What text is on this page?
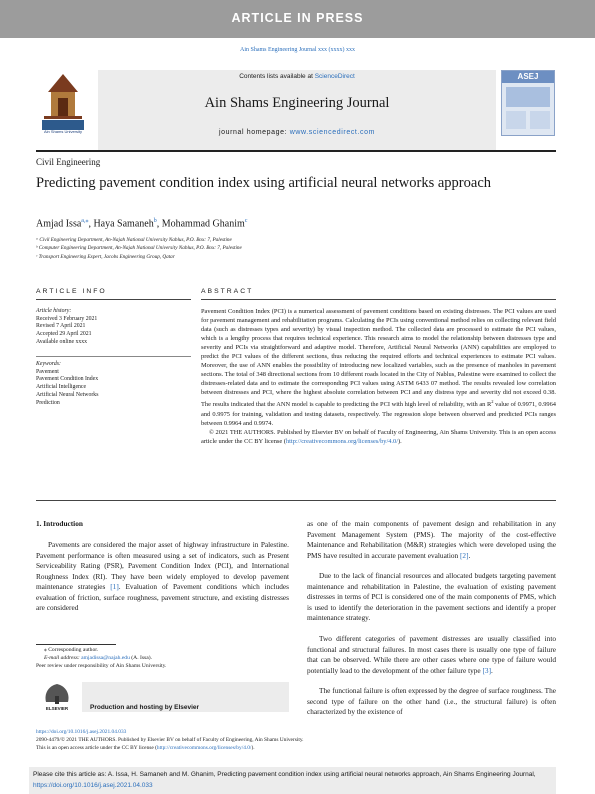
ARTICLE IN PRESS
Ain Shams Engineering Journal xxx (xxxx) xxx
Ain Shams University
Contents lists available at ScienceDirect
Ain Shams Engineering Journal
journal homepage: www.sciencedirect.com
ASEJ
Civil Engineering
Predicting pavement condition index using artificial neural networks approach
Amjad Issa$^{a,⁎}$, Haya Samaneh$^b$, Mohammad Ghanim$^c$
ᵃ Civil Engineering Department, An-Najah National University Nablus, P.O. Box: 7, Palestine
ᵇ Computer Engineering Department, An-Najah National University Nablus, P.O. Box: 7, Palestine
ᶜ Transport Engineering Expert, Jacobs Engineering Group, Qatar
ARTICLE INFO	ABSTRACT
Article history:
Received 3 February 2021
Revised 7 April 2021
Accepted 29 April 2021
Available online xxxx
Keywords:
Pavement
Pavement Condition Index
Artificial Intelligence
Artificial Neural Networks
Prediction

Pavement Condition Index (PCI) is a numerical assessment of pavement conditions based on existing distresses. The PCI values are used for pavement management and rehabilitation programs. Calculating the PCIs using conventional method relies on collecting relevant field data (such as distresses types and severity) by visual inspection method. The collected data are processed to estimate the PCI values, which is a lengthy process that requires technical experience. This research aims to model the relationship between distresses type and severity and PCIs via straightforward and adaptive model. Therefore, Artificial Neural Networks (ANN) capabilities are employed to predict the PCI values of the different sections, thus reducing the required efforts and technical experiences to estimate PCI values. Moreover, the use of ANN enables the possibility of introducing new localized variables, such as the presence of manholes in pavement sections. The total of 348 directional sections from 10 different roads located in the City of Nablus, Palestine were examined to collect the distresses-related data and to estimate the corresponding PCI values using ASTM 6433 07 method. The results revealed low correlation between distresses and PCI, where the highest absolute correlation between PCI and any distress type and severity did not exceed 0.38. The results indicated that the ANN model is capable to predicting the PCI with high level of reliability, with an $R^2$ value of 0.9971, 0.9964 and 0.9975 for training, validation and testing datasets, respectively. The regression slope between observed and predicted PCIs ranges between 0.9964 and 0.9974.

© 2021 THE AUTHORS. Published by Elsevier BV on behalf of Faculty of Engineering, Ain Shams University. This is an open access article under the CC BY license (http://creativecommons.org/licenses/by/4.0/).

1. Introduction

Pavements are considered the major asset of highway infrastructure in Palestine. Pavement performance is often measured using a set of indicators, such as Present Serviceability Rating (PSR), Pavement Condition Index (PCI), and International Roughness Index (RI). They have been widely employed to develop pavement maintenance strategies [1]. Evaluation of Pavement conditions which includes evaluation of friction, surface roughness, pavement structure, and existing distresses are considered

as one of the main components of pavement design and rehabilitation in any Pavement Management System (PMS). The majority of the cost-effective Maintenance and Rehabilitation (M&R) strategies which were developed using the PMS have resulted in accurate pavement evaluation [2].

Due to the lack of financial resources and allocated budgets targeting pavement maintenance and rehabilitation in Palestine, the evaluation of existing pavement distresses in terms of PCI is considered one of the main components of PMS, which is used to identify the deterioration in the pavement sections and identify a proper maintenance strategy.

Two different categories of pavement distresses are usually classified into functional and structural failures. In most cases there is usually one type of failure that can be observed. While there are other cases where one type of failure would potentially lead to the development of the other failure type [3].

The functional failure is often expressed by the degree of surface roughness. The second type of failure on the other hand (i.e., the structural failure) is often characterized by the existence of

⁎ Corresponding author.
E-mail address: amjadissa@najah.edu (A. Issa).
Peer review under responsibility of Ain Shams University.
ELSEVIER	Production and hosting by Elsevier
https://doi.org/10.1016/j.asej.2021.04.033
2090-4479/© 2021 THE AUTHORS. Published by Elsevier BV on behalf of Faculty of Engineering, Ain Shams University.
This is an open access article under the CC BY license (http://creativecommons.org/licenses/by/4.0/).
Please cite this article as: A. Issa, H. Samaneh and M. Ghanim, Predicting pavement condition index using artificial neural networks approach, Ain Shams Engineering Journal, https://doi.org/10.1016/j.asej.2021.04.033
